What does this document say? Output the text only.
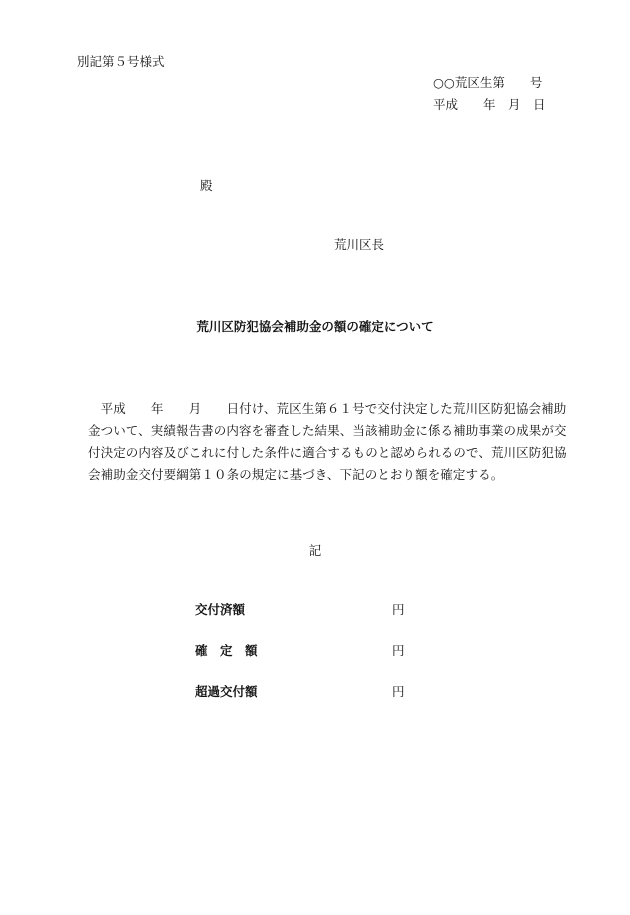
別記第５号様式
○○荒区生第　　号
平成　　年　月　日
殿
荒川区長
荒川区防犯協会補助金の額の確定について
　平成　　年　　月　　日付け、荒区生第６１号で交付決定した荒川区防犯協会補助
金ついて、実績報告書の内容を審査した結果、当該補助金に係る補助事業の成果が交
付決定の内容及びこれに付した条件に適合するものと認められるので、荒川区防犯協
会補助金交付要綱第１０条の規定に基づき、下記のとおり額を確定する。
記
交付済額	円
確　定　額	円
超過交付額	円
